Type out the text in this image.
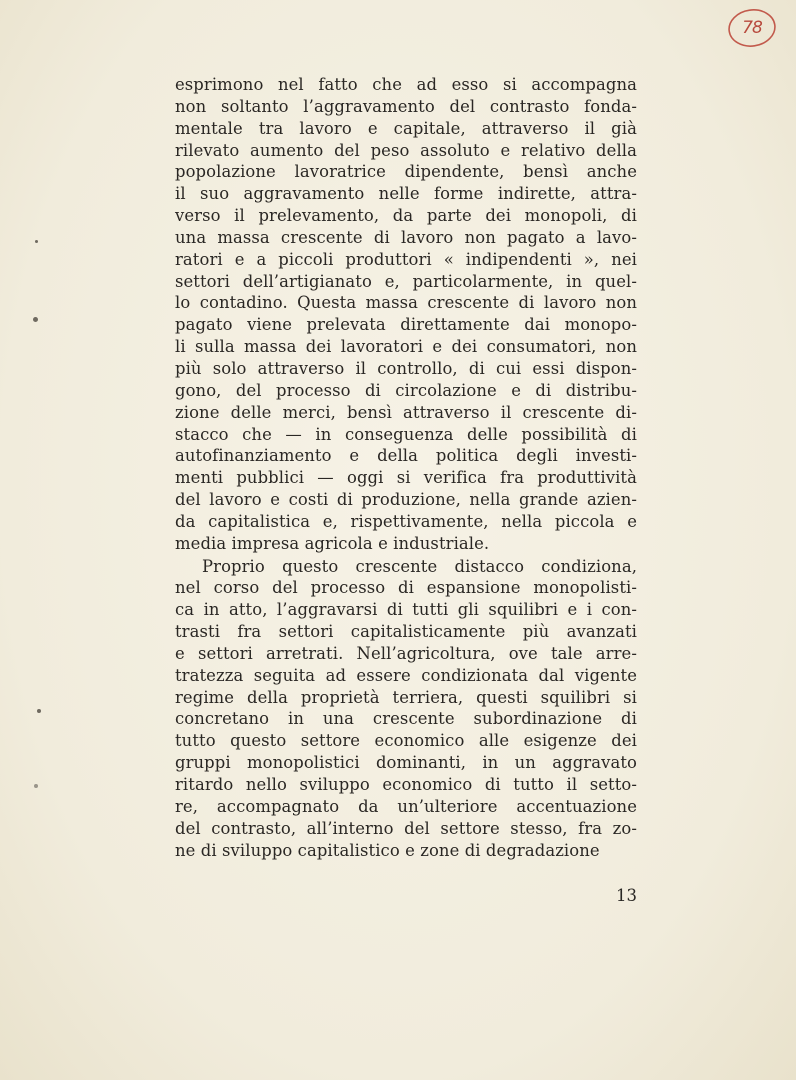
78
esprimono nel fatto che ad esso si accompagna
non soltanto l’aggravamento del contrasto fonda-
mentale tra lavoro e capitale, attraverso il già
rilevato aumento del peso assoluto e relativo della
popolazione lavoratrice dipendente, bensì anche
il suo aggravamento nelle forme indirette, attra-
verso il prelevamento, da parte dei monopoli, di
una massa crescente di lavoro non pagato a lavo-
ratori e a piccoli produttori « indipendenti », nei
settori dell’artigianato e, particolarmente, in quel-
lo contadino. Questa massa crescente di lavoro non
pagato viene prelevata direttamente dai monopo-
li sulla massa dei lavoratori e dei consumatori, non
più solo attraverso il controllo, di cui essi dispon-
gono, del processo di circolazione e di distribu-
zione delle merci, bensì attraverso il crescente di-
stacco che — in conseguenza delle possibilità di
autofinanziamento e della politica degli investi-
menti pubblici — oggi si verifica fra produttività
del lavoro e costi di produzione, nella grande azien-
da capitalistica e, rispettivamente, nella piccola e
media impresa agricola e industriale.
Proprio questo crescente distacco condiziona,
nel corso del processo di espansione monopolisti-
ca in atto, l’aggravarsi di tutti gli squilibri e i con-
trasti fra settori capitalisticamente più avanzati
e settori arretrati. Nell’agricoltura, ove tale arre-
tratezza seguita ad essere condizionata dal vigente
regime della proprietà terriera, questi squilibri si
concretano in una crescente subordinazione di
tutto questo settore economico alle esigenze dei
gruppi monopolistici dominanti, in un aggravato
ritardo nello sviluppo economico di tutto il setto-
re, accompagnato da un’ulteriore accentuazione
del contrasto, all’interno del settore stesso, fra zo-
ne di sviluppo capitalistico e zone di degradazione
13
